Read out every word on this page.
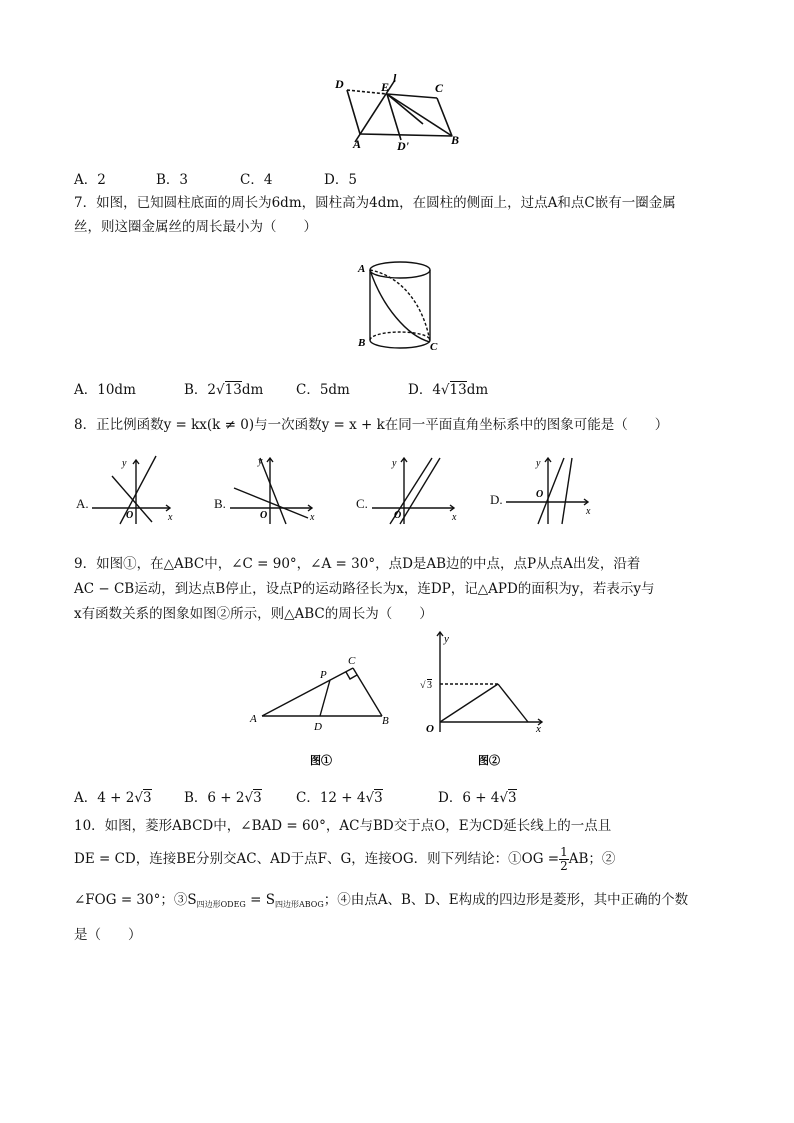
D	E
l
C
A	D'	B
A．2	B．3	C．4	D．5
7．如图，已知圆柱底面的周长为6dm，圆柱高为4dm，在圆柱的侧面上，过点A和点C嵌有一圈金属
丝，则这圈金属丝的周长最小为（　　）
A
B	C
A．10dm	B．2√13dm C．5dm	D．4√13dm
8．正比例函数y = kx(k ≠ 0)与一次函数y = x + k在同一平面直角坐标系中的图象可能是（　　）
A.
x
y
O
B.
x
y
O
C.
x
y
O
D.
x
y
O
9．如图①，在△ABC中，∠C = 90°，∠A = 30°，点D是AB边的中点，点P从点A出发，沿着
AC − CB运动，到达点B停止，设点P的运动路径长为x，连DP，记△APD的面积为y，若表示y与
x有函数关系的图象如图②所示，则△ABC的周长为（　　）
A	B
C
D
P
图①
y
x
O
√ 3
图②
A．4 + 2√3 B．6 + 2√3	C．12 + 4√3	D．6 + 4√3
10．如图，菱形ABCD中，∠BAD = 60°，AC与BD交于点O，E为CD延长线上的一点且
DE = CD，连接BE分别交AC、AD于点F、G，连接OG．则下列结论：①OG = $\frac{1}{2}$ AB；②
∠FOG = 30°；$③S_{四边形ODEG} = S_{四边形ABOG}$；④由点A、B、D、E构成的四边形是菱形，其中正确的个数
是（　　）
